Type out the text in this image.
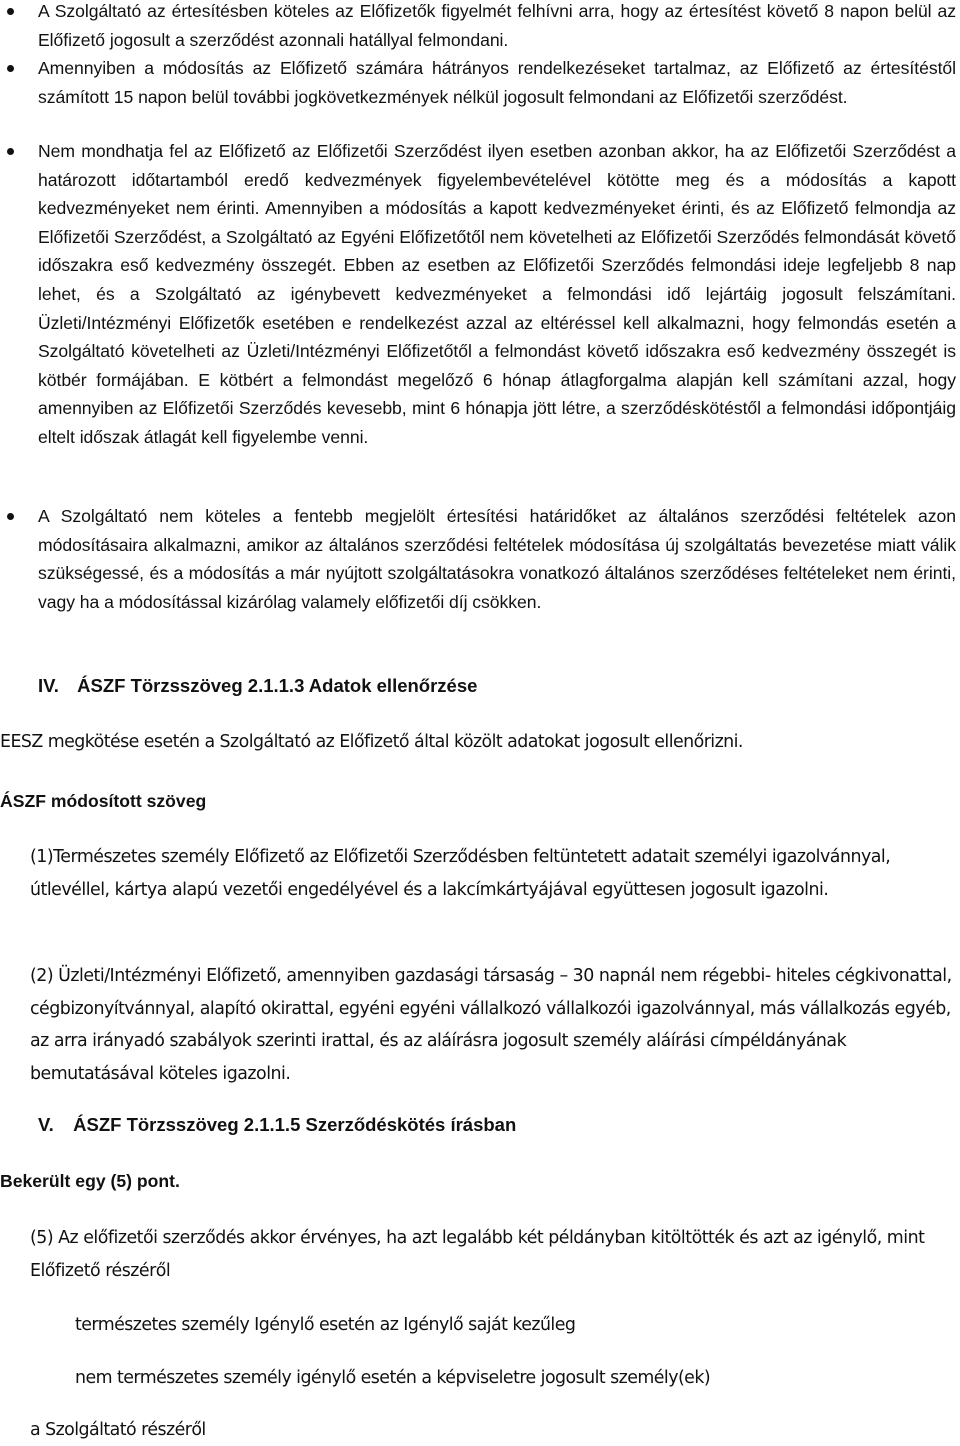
A Szolgáltató az értesítésben köteles az Előfizetők figyelmét felhívni arra, hogy az értesítést követő 8 napon belül az Előfizető jogosult a szerződést azonnali hatállyal felmondani.
Amennyiben a módosítás az Előfizető számára hátrányos rendelkezéseket tartalmaz, az Előfizető az értesítéstől számított 15 napon belül további jogkövetkezmények nélkül jogosult felmondani az Előfizetői szerződést.
Nem mondhatja fel az Előfizető az Előfizetői Szerződést ilyen esetben azonban akkor, ha az Előfizetői Szerződést a határozott időtartamból eredő kedvezmények figyelembevételével kötötte meg és a módosítás a kapott kedvezményeket nem érinti. Amennyiben a módosítás a kapott kedvezményeket érinti, és az Előfizető felmondja az Előfizetői Szerződést, a Szolgáltató az Egyéni Előfizetőtől nem követelheti az Előfizetői Szerződés felmondását követő időszakra eső kedvezmény összegét. Ebben az esetben az Előfizetői Szerződés felmondási ideje legfeljebb 8 nap lehet, és a Szolgáltató az igénybevett kedvezményeket a felmondási idő lejártáig jogosult felszámítani. Üzleti/Intézményi Előfizetők esetében e rendelkezést azzal az eltéréssel kell alkalmazni, hogy felmondás esetén a Szolgáltató követelheti az Üzleti/Intézményi Előfizetőtől a felmondást követő időszakra eső kedvezmény összegét is kötbér formájában. E kötbért a felmondást megelőző 6 hónap átlagforgalma alapján kell számítani azzal, hogy amennyiben az Előfizetői Szerződés kevesebb, mint 6 hónapja jött létre, a szerződéskötéstől a felmondási időpontjáig eltelt időszak átlagát kell figyelembe venni.
A Szolgáltató nem köteles a fentebb megjelölt értesítési határidőket az általános szerződési feltételek azon módosításaira alkalmazni, amikor az általános szerződési feltételek módosítása új szolgáltatás bevezetése miatt válik szükségessé, és a módosítás a már nyújtott szolgáltatásokra vonatkozó általános szerződéses feltételeket nem érinti, vagy ha a módosítással kizárólag valamely előfizetői díj csökken.
IV. ÁSZF Törzsszöveg 2.1.1.3 Adatok ellenőrzése
EESZ megkötése esetén a Szolgáltató az Előfizető által közölt adatokat jogosult ellenőrizni.
ÁSZF módosított szöveg
(1)Természetes személy Előfizető az Előfizetői Szerződésben feltüntetett adatait személyi igazolvánnyal, útlevéllel, kártya alapú vezetői engedélyével és a lakcímkártyájával együttesen jogosult igazolni.
(2) Üzleti/Intézményi Előfizető, amennyiben gazdasági társaság – 30 napnál nem régebbi- hiteles cégkivonattal, cégbizonyítvánnyal, alapító okirattal, egyéni egyéni vállalkozó vállalkozói igazolvánnyal, más vállalkozás egyéb, az arra irányadó szabályok szerinti irattal, és az aláírásra jogosult személy aláírási címpéldányának bemutatásával köteles igazolni.
V. ÁSZF Törzsszöveg 2.1.1.5 Szerződéskötés írásban
Bekerült egy (5) pont.
(5) Az előfizetői szerződés akkor érvényes, ha azt legalább két példányban kitöltötték és azt az igénylő, mint Előfizető részéről
természetes személy Igénylő esetén az Igénylő saját kezűleg
nem természetes személy igénylő esetén a képviseletre jogosult személy(ek)
a Szolgáltató részéről
